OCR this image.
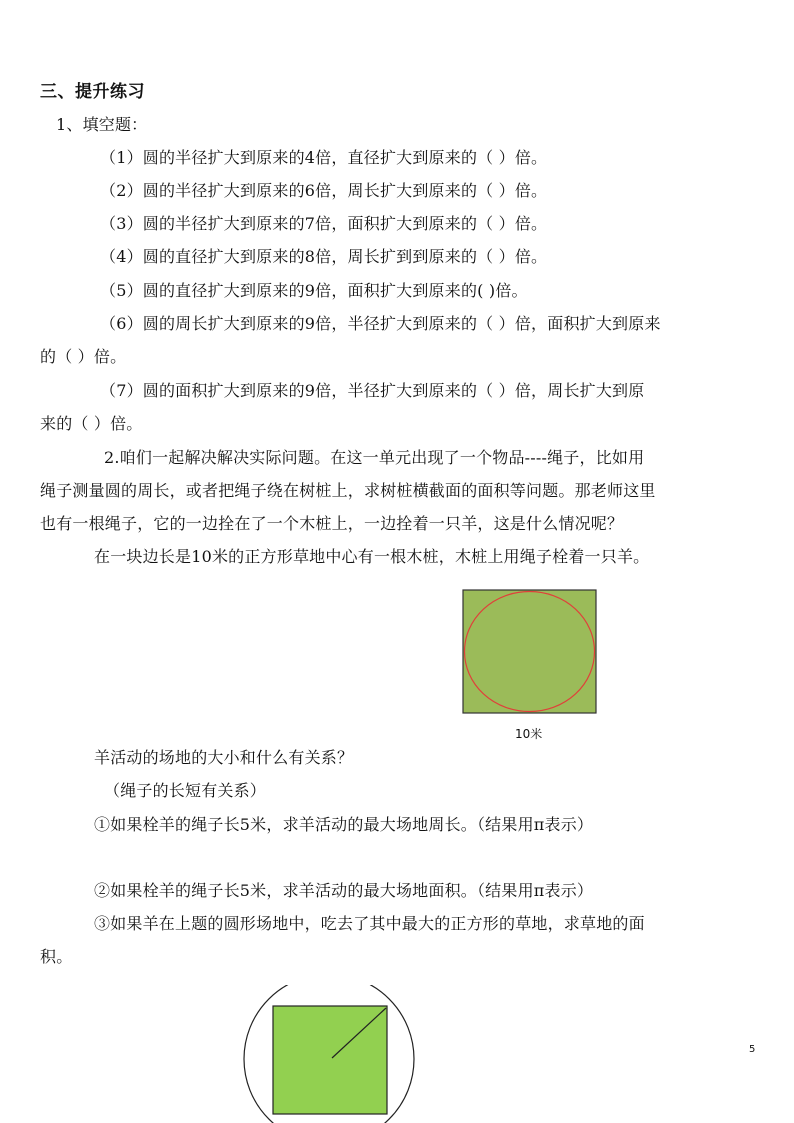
三、提升练习
1、填空题：
（1）圆的半径扩大到原来的4倍，直径扩大到原来的（ ）倍。
（2）圆的半径扩大到原来的6倍，周长扩大到原来的（ ）倍。
（3）圆的半径扩大到原来的7倍，面积扩大到原来的（ ）倍。
（4）圆的直径扩大到原来的8倍，周长扩到到原来的（ ）倍。
（5）圆的直径扩大到原来的9倍，面积扩大到原来的( )倍。
（6）圆的周长扩大到原来的9倍，半径扩大到原来的（ ）倍，面积扩大到原来
的（ ）倍。
（7）圆的面积扩大到原来的9倍，半径扩大到原来的（ ）倍，周长扩大到原
来的（ ）倍。
2.咱们一起解决解决实际问题。在这一单元出现了一个物品----绳子，比如用
绳子测量圆的周长，或者把绳子绕在树桩上，求树桩横截面的面积等问题。那老师这里
也有一根绳子，它的一边拴在了一个木桩上，一边拴着一只羊，这是什么情况呢？
在一块边长是10米的正方形草地中心有一根木桩，木桩上用绳子栓着一只羊。
10米
羊活动的场地的大小和什么有关系？
（绳子的长短有关系）
①如果栓羊的绳子长5米，求羊活动的最大场地周长。（结果用π表示）
②如果栓羊的绳子长5米，求羊活动的最大场地面积。（结果用π表示）
③如果羊在上题的圆形场地中，吃去了其中最大的正方形的草地，求草地的面
积。
5
